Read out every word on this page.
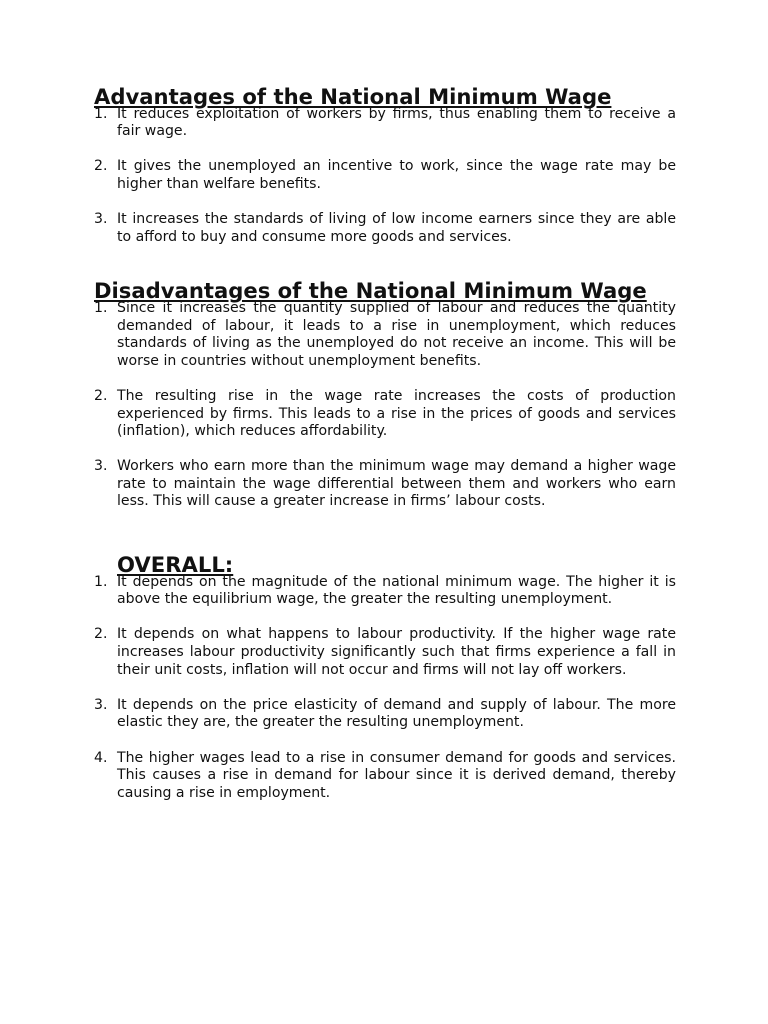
Advantages of the National Minimum Wage
1. It reduces exploitation of workers by firms, thus enabling them to receive a fair wage.
2. It gives the unemployed an incentive to work, since the wage rate may be higher than welfare benefits.
3. It increases the standards of living of low income earners since they are able to afford to buy and consume more goods and services.
Disadvantages of the National Minimum Wage
1. Since it increases the quantity supplied of labour and reduces the quantity demanded of labour, it leads to a rise in unemployment, which reduces standards of living as the unemployed do not receive an income. This will be worse in countries without unemployment benefits.
2. The resulting rise in the wage rate increases the costs of production experienced by firms. This leads to a rise in the prices of goods and services (inflation), which reduces affordability.
3. Workers who earn more than the minimum wage may demand a higher wage rate to maintain the wage differential between them and workers who earn less. This will cause a greater increase in firms’ labour costs.
OVERALL:
1. It depends on the magnitude of the national minimum wage. The higher it is above the equilibrium wage, the greater the resulting unemployment.
2. It depends on what happens to labour productivity. If the higher wage rate increases labour productivity significantly such that firms experience a fall in their unit costs, inflation will not occur and firms will not lay off workers.
3. It depends on the price elasticity of demand and supply of labour. The more elastic they are, the greater the resulting unemployment.
4. The higher wages lead to a rise in consumer demand for goods and services. This causes a rise in demand for labour since it is derived demand, thereby causing a rise in employment.
